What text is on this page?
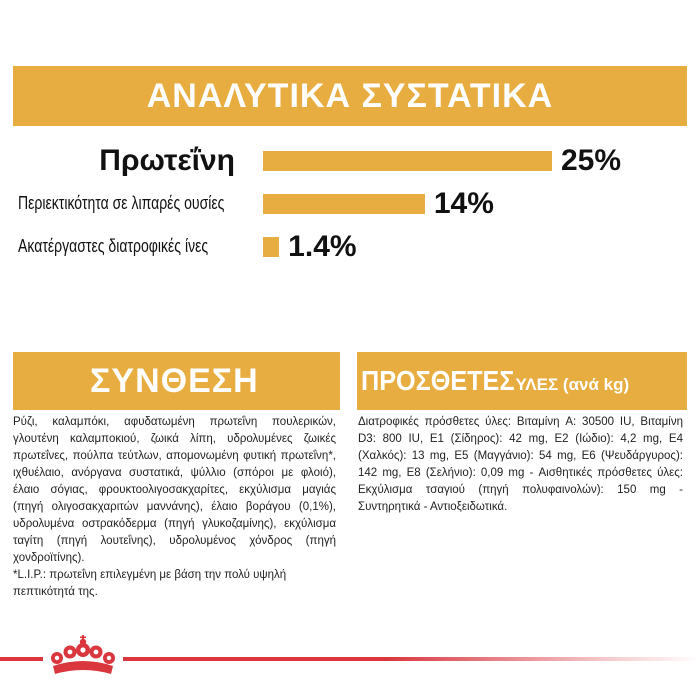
ΑΝΑΛΥΤΙΚΑ ΣΥΣΤΑΤΙΚΑ
Πρωτεΐνη	25%
Περιεκτικότητα σε λιπαρές ουσίες	14%
Ακατέργαστες διατροφικές ίνες	1.4%
ΣΥΝΘΕΣΗ
Ρύζι, καλαμπόκι, αφυδατωμένη πρωτεΐνη πουλερικών, γλουτένη καλαμποκιού, ζωικά λίπη, υδρολυμένες ζωικές πρωτεΐνες, πούλπα τεύτλων, απομονωμένη φυτική πρωτεΐνη*, ιχθυέλαιο, ανόργανα συστατικά, ψύλλιο (σπόροι με φλοιό), έλαιο σόγιας, φρουκτοολιγοσακχαρίτες, εκχύλισμα μαγιάς (πηγή ολιγοσακχαριτών μαννάνης), έλαιο βοράγου (0,1%), υδρολυμένα οστρακόδερμα (πηγή γλυκοζαμίνης), εκχύλισμα ταγίτη (πηγή λουτεΐνης), υδρολυμένος χόνδρος (πηγή χονδροϊτίνης).
*L.I.P.: πρωτεΐνη επιλεγμένη με βάση την πολύ υψηλή πεπτικότητά της.
ΠΡΟΣΘΕΤΕΣ ΥΛΕΣ (ανά kg)
Διατροφικές πρόσθετες ύλες: Βιταμίνη A: 30500 IU, Βιταμίνη D3: 800 IU, E1 (Σίδηρος): 42 mg, E2 (Ιώδιο): 4,2 mg, E4 (Χαλκός): 13 mg, E5 (Μαγγάνιο): 54 mg, E6 (Ψευδάργυρος): 142 mg, E8 (Σελήνιο): 0,09 mg - Αισθητικές πρόσθετες ύλες: Εκχύλισμα τσαγιού (πηγή πολυφαινολών): 150 mg - Συντηρητικά - Αντιοξειδωτικά.
